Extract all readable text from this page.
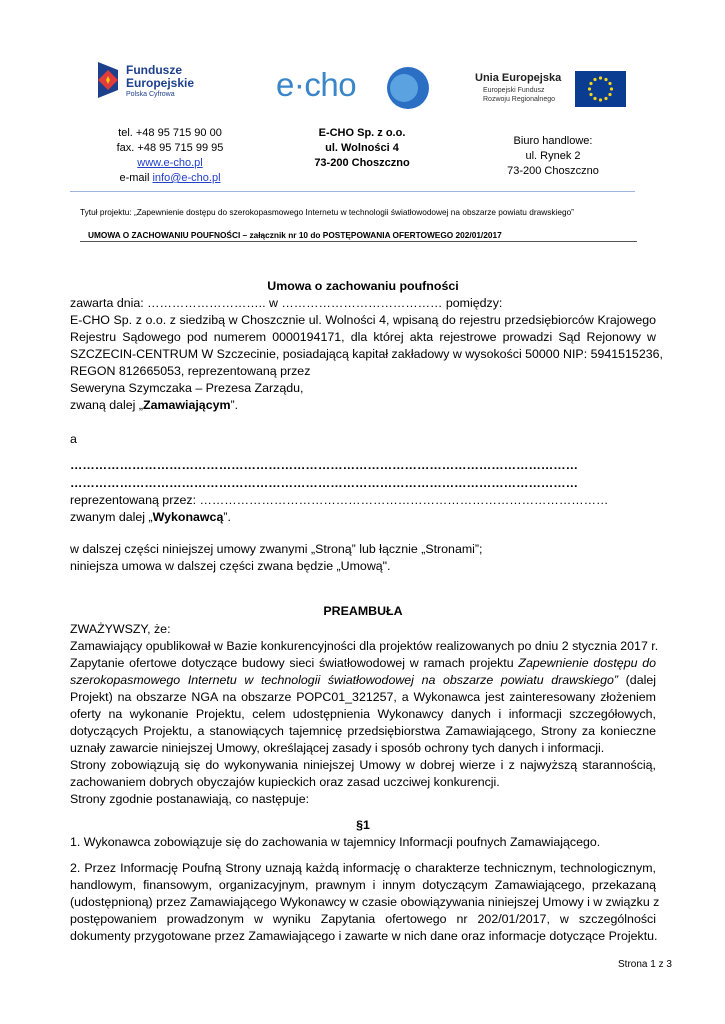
Fundusze
Europejskie
Polska Cyfrowa	e·cho	Unia Europejska
Europejski Fundusz
Rozwoju Regionalnego
tel. +48 95 715 90 00
fax. +48 95 715 99 95
www.e-cho.pl
e-mail info@e-cho.pl
E-CHO Sp. z o.o.
ul. Wolności 4
73-200 Choszczno
Biuro handlowe:
ul. Rynek 2
73-200 Choszczno
Tytuł projektu: „Zapewnienie dostępu do szerokopasmowego Internetu w technologii światłowodowej na obszarze powiatu drawskiego”
UMOWA O ZACHOWANIU POUFNOŚCI – załącznik nr 10 do POSTĘPOWANIA OFERTOWEGO 202/01/2017
Umowa o zachowaniu poufności
zawarta dnia: ……………………….. w ………………………………… pomiędzy:
E-CHO Sp. z o.o. z siedzibą w Choszcznie ul. Wolności 4, wpisaną do rejestru przedsiębiorców Krajowego
Rejestru Sądowego pod numerem 0000194171, dla której akta rejestrowe prowadzi Sąd Rejonowy w
SZCZECIN-CENTRUM W Szczecinie, posiadającą kapitał zakładowy w wysokości 50000 NIP: 5941515236,
REGON 812665053, reprezentowaną przez
Seweryna Szymczaka – Prezesa Zarządu,
zwaną dalej „Zamawiającym”.
a
……………………………………………………………………………………………………………
……………………………………………………………………………………………………………
reprezentowaną przez: ………………………………………………………………………………………
zwanym dalej „Wykonawcą”.
w dalszej części niniejszej umowy zwanymi „Stroną” lub łącznie „Stronami”;
niniejsza umowa w dalszej części zwana będzie „Umową".
PREAMBUŁA
ZWAŻYWSZY, że:
Zamawiający opublikował w Bazie konkurencyjności dla projektów realizowanych po dniu 2 stycznia 2017 r.
Zapytanie ofertowe dotyczące budowy sieci światłowodowej w ramach projektu Zapewnienie dostępu do
szerokopasmowego Internetu w technologii światłowodowej na obszarze powiatu drawskiego” (dalej
Projekt) na obszarze NGA na obszarze POPC01_321257, a Wykonawca jest zainteresowany złożeniem
oferty na wykonanie Projektu, celem udostępnienia Wykonawcy danych i informacji szczegółowych,
dotyczących Projektu, a stanowiących tajemnicę przedsiębiorstwa Zamawiającego, Strony za konieczne
uznały zawarcie niniejszej Umowy, określającej zasady i sposób ochrony tych danych i informacji.
Strony zobowiązują się do wykonywania niniejszej Umowy w dobrej wierze i z najwyższą starannością,
zachowaniem dobrych obyczajów kupieckich oraz zasad uczciwej konkurencji.
Strony zgodnie postanawiają, co następuje:
§1
1. Wykonawca zobowiązuje się do zachowania w tajemnicy Informacji poufnych Zamawiającego.
2. Przez Informację Poufną Strony uznają każdą informację o charakterze technicznym, technologicznym,
handlowym, finansowym, organizacyjnym, prawnym i innym dotyczącym Zamawiającego, przekazaną
(udostępnioną) przez Zamawiającego Wykonawcy w czasie obowiązywania niniejszej Umowy i w związku z
postępowaniem prowadzonym w wyniku Zapytania ofertowego nr 202/01/2017, w szczególności
dokumenty przygotowane przez Zamawiającego i zawarte w nich dane oraz informacje dotyczące Projektu.
Strona 1 z 3
